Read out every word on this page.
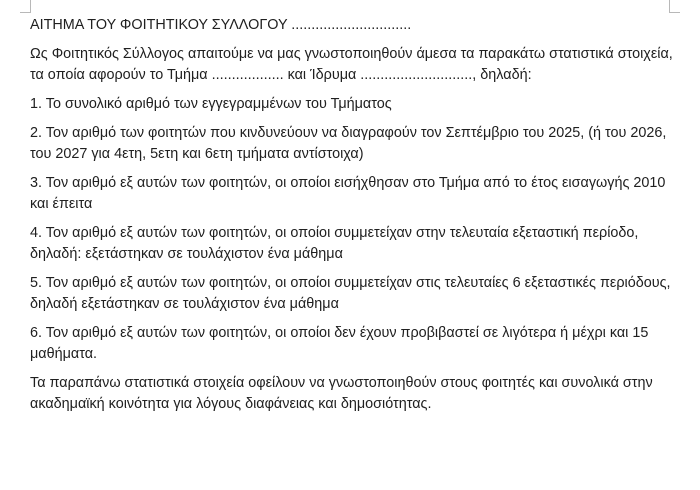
ΑΙΤΗΜΑ ΤΟΥ ΦΟΙΤΗΤΙΚΟΥ ΣΥΛΛΟΓΟΥ ..............................

Ως Φοιτητικός Σύλλογος απαιτούμε να μας γνωστοποιηθούν άμεσα τα παρακάτω στατιστικά στοιχεία, τα οποία αφορούν το Τμήμα .................. και Ίδρυμα ............................, δηλαδή:

1. Το συνολικό αριθμό των εγγεγραμμένων του Τμήματος

2. Τον αριθμό των φοιτητών που κινδυνεύουν να διαγραφούν τον Σεπτέμβριο του 2025, (ή του 2026, του 2027 για 4ετη, 5ετη και 6ετη τμήματα αντίστοιχα)

3. Τον αριθμό εξ αυτών των φοιτητών, οι οποίοι εισήχθησαν στο Τμήμα από το έτος εισαγωγής 2010 και έπειτα

4. Τον αριθμό εξ αυτών των φοιτητών, οι οποίοι συμμετείχαν στην τελευταία εξεταστική περίοδο, δηλαδή: εξετάστηκαν σε τουλάχιστον ένα μάθημα

5. Τον αριθμό εξ αυτών των φοιτητών, οι οποίοι συμμετείχαν στις τελευταίες 6 εξεταστικές περιόδους, δηλαδή εξετάστηκαν σε τουλάχιστον ένα μάθημα

6. Τον αριθμό εξ αυτών των φοιτητών, οι οποίοι δεν έχουν προβιβαστεί σε λιγότερα ή μέχρι και 15 μαθήματα.

Τα παραπάνω στατιστικά στοιχεία οφείλουν να γνωστοποιηθούν στους φοιτητές και συνολικά στην ακαδημαϊκή κοινότητα για λόγους διαφάνειας και δημοσιότητας.
